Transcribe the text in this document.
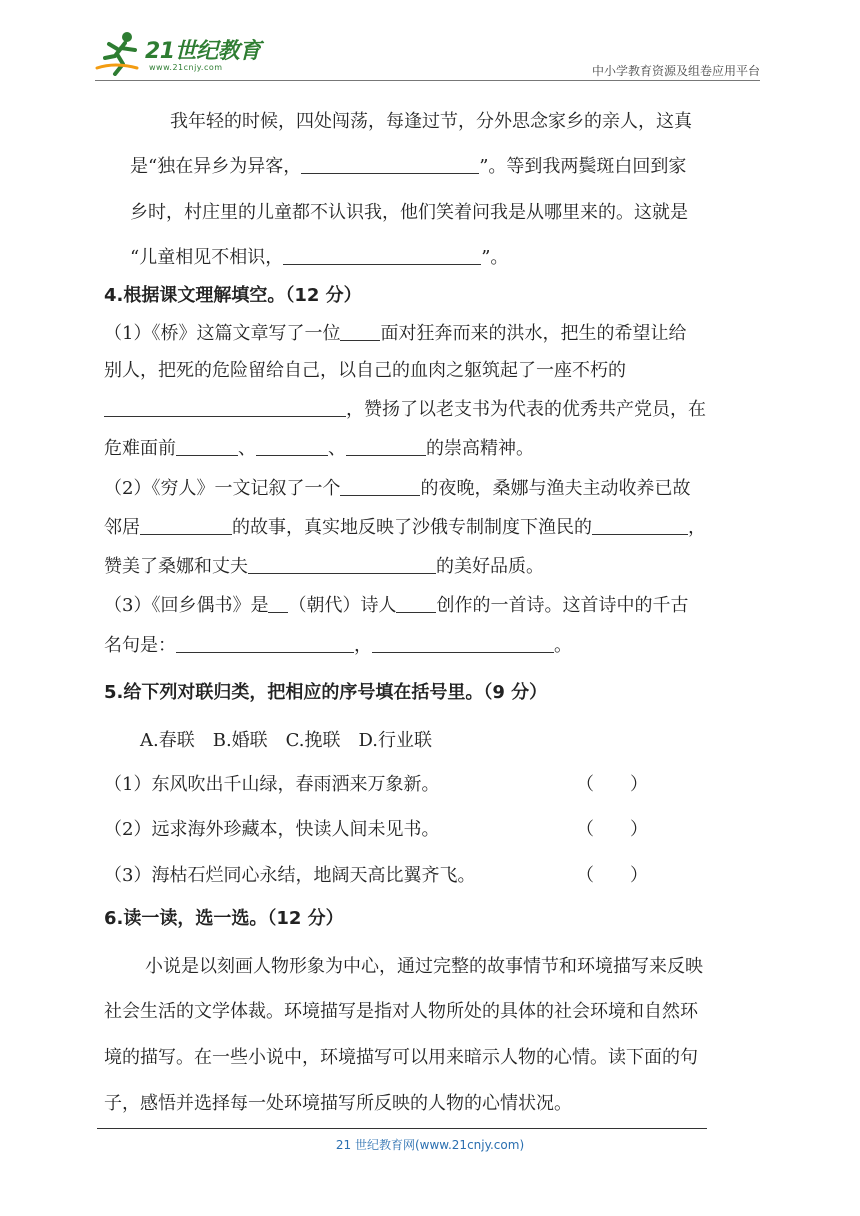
21世纪教育
www.21cnjy.com	中小学教育资源及组卷应用平台
我年轻的时候，四处闯荡，每逢过节，分外思念家乡的亲人，这真
是“独在异乡为异客，	”。等到我两鬓斑白回到家
乡时，村庄里的儿童都不认识我，他们笑着问我是从哪里来的。这就是
“儿童相见不相识，	”。
4.根据课文理解填空。（12 分）
（1）《桥》这篇文章写了一位 面对狂奔而来的洪水，把生的希望让给
别人，把死的危险留给自己，以自己的血肉之躯筑起了一座不朽的
，赞扬了以老支书为代表的优秀共产党员，在
危难面前	、	、	的崇高精神。
（2）《穷人》一文记叙了一个	的夜晚，桑娜与渔夫主动收养已故
邻居	的故事，真实地反映了沙俄专制制度下渔民的	，
赞美了桑娜和丈夫	的美好品质。
（3）《回乡偶书》是 （朝代）诗人 创作的一首诗。这首诗中的千古
名句是：	，	。
5.给下列对联归类，把相应的序号填在括号里。（9 分）
A.春联　B.婚联　C.挽联　D.行业联
（1）东风吹出千山绿，春雨洒来万象新。	（　　）
（2）远求海外珍藏本，快读人间未见书。	（　　）
（3）海枯石烂同心永结，地阔天高比翼齐飞。	（　　）
6.读一读，选一选。（12 分）
小说是以刻画人物形象为中心，通过完整的故事情节和环境描写来反映
社会生活的文学体裁。环境描写是指对人物所处的具体的社会环境和自然环
境的描写。在一些小说中，环境描写可以用来暗示人物的心情。读下面的句
子，感悟并选择每一处环境描写所反映的人物的心情状况。
21 世纪教育网(www.21cnjy.com)
